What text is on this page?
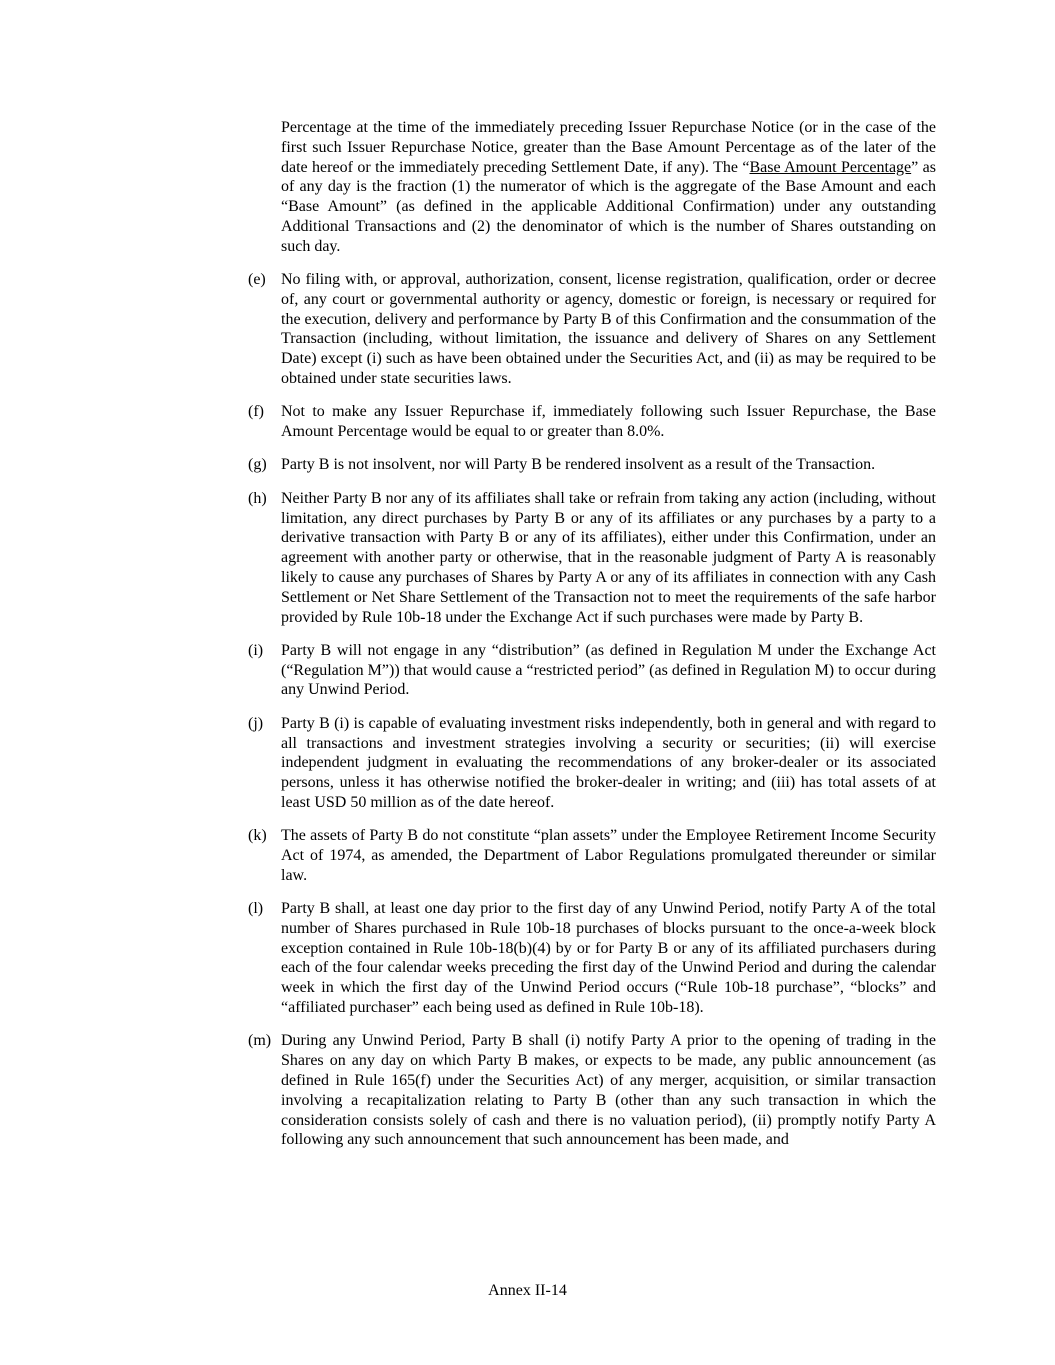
Percentage at the time of the immediately preceding Issuer Repurchase Notice (or in the case of the first such Issuer Repurchase Notice, greater than the Base Amount Percentage as of the later of the date hereof or the immediately preceding Settlement Date, if any). The “Base Amount Percentage” as of any day is the fraction (1) the numerator of which is the aggregate of the Base Amount and each “Base Amount” (as defined in the applicable Additional Confirmation) under any outstanding Additional Transactions and (2) the denominator of which is the number of Shares outstanding on such day.
(e) No filing with, or approval, authorization, consent, license registration, qualification, order or decree of, any court or governmental authority or agency, domestic or foreign, is necessary or required for the execution, delivery and performance by Party B of this Confirmation and the consummation of the Transaction (including, without limitation, the issuance and delivery of Shares on any Settlement Date) except (i) such as have been obtained under the Securities Act, and (ii) as may be required to be obtained under state securities laws.
(f) Not to make any Issuer Repurchase if, immediately following such Issuer Repurchase, the Base Amount Percentage would be equal to or greater than 8.0%.
(g) Party B is not insolvent, nor will Party B be rendered insolvent as a result of the Transaction.
(h) Neither Party B nor any of its affiliates shall take or refrain from taking any action (including, without limitation, any direct purchases by Party B or any of its affiliates or any purchases by a party to a derivative transaction with Party B or any of its affiliates), either under this Confirmation, under an agreement with another party or otherwise, that in the reasonable judgment of Party A is reasonably likely to cause any purchases of Shares by Party A or any of its affiliates in connection with any Cash Settlement or Net Share Settlement of the Transaction not to meet the requirements of the safe harbor provided by Rule 10b-18 under the Exchange Act if such purchases were made by Party B.
(i) Party B will not engage in any “distribution” (as defined in Regulation M under the Exchange Act (“Regulation M”)) that would cause a “restricted period” (as defined in Regulation M) to occur during any Unwind Period.
(j) Party B (i) is capable of evaluating investment risks independently, both in general and with regard to all transactions and investment strategies involving a security or securities; (ii) will exercise independent judgment in evaluating the recommendations of any broker-dealer or its associated persons, unless it has otherwise notified the broker-dealer in writing; and (iii) has total assets of at least USD 50 million as of the date hereof.
(k) The assets of Party B do not constitute “plan assets” under the Employee Retirement Income Security Act of 1974, as amended, the Department of Labor Regulations promulgated thereunder or similar law.
(l) Party B shall, at least one day prior to the first day of any Unwind Period, notify Party A of the total number of Shares purchased in Rule 10b-18 purchases of blocks pursuant to the once-a-week block exception contained in Rule 10b-18(b)(4) by or for Party B or any of its affiliated purchasers during each of the four calendar weeks preceding the first day of the Unwind Period and during the calendar week in which the first day of the Unwind Period occurs (“Rule 10b-18 purchase”, “blocks” and “affiliated purchaser” each being used as defined in Rule 10b-18).
(m) During any Unwind Period, Party B shall (i) notify Party A prior to the opening of trading in the Shares on any day on which Party B makes, or expects to be made, any public announcement (as defined in Rule 165(f) under the Securities Act) of any merger, acquisition, or similar transaction involving a recapitalization relating to Party B (other than any such transaction in which the consideration consists solely of cash and there is no valuation period), (ii) promptly notify Party A following any such announcement that such announcement has been made, and
Annex II-14
